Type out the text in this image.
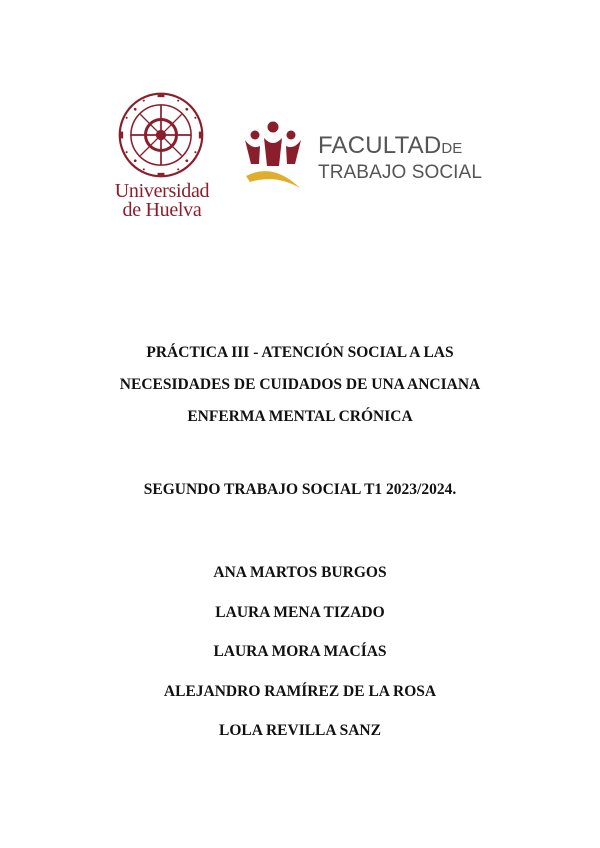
Universidad
de Huelva
FACULTADDE
TRABAJO SOCIAL
PRÁCTICA III - ATENCIÓN SOCIAL A LAS
NECESIDADES DE CUIDADOS DE UNA ANCIANA
ENFERMA MENTAL CRÓNICA

SEGUNDO TRABAJO SOCIAL T1 2023/2024.

ANA MARTOS BURGOS
LAURA MENA TIZADO
LAURA MORA MACÍAS
ALEJANDRO RAMÍREZ DE LA ROSA
LOLA REVILLA SANZ
